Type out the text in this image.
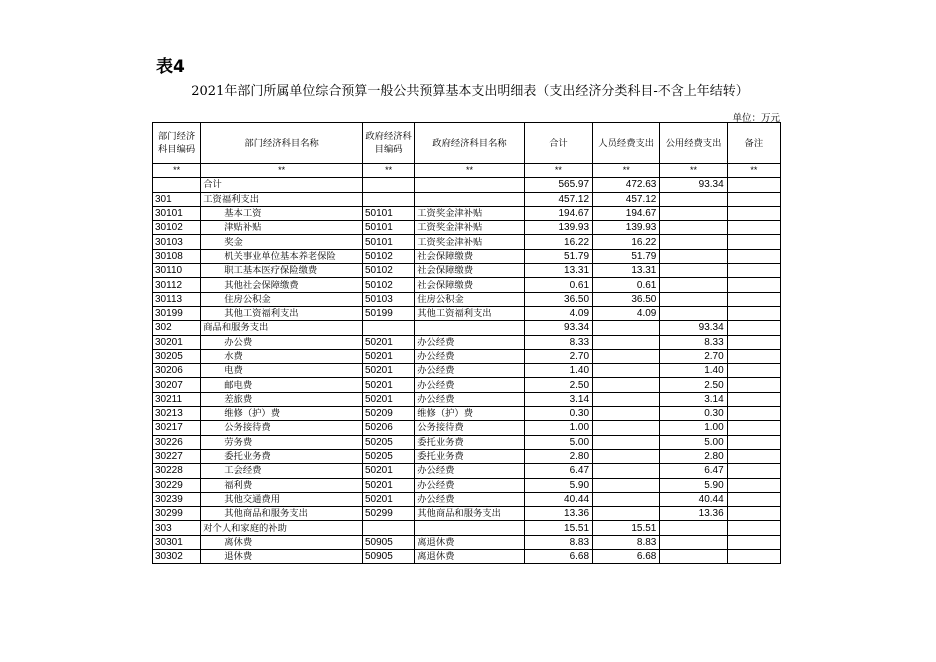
表4
2021年部门所属单位综合预算一般公共预算基本支出明细表（支出经济分类科目-不含上年结转）
单位：万元
部门经济科目编码	部门经济科目名称	政府经济科目编码	政府经济科目名称	合计	人员经费支出	公用经费支出	备注
**	**	**	**	**	**	**	**
	合计			565.97	472.63	93.34	
301	工资福利支出			457.12	457.12		
30101	基本工资	50101	工资奖金津补贴	194.67	194.67		
30102	津贴补贴	50101	工资奖金津补贴	139.93	139.93		
30103	奖金	50101	工资奖金津补贴	16.22	16.22		
30108	机关事业单位基本养老保险	50102	社会保障缴费	51.79	51.79		
30110	职工基本医疗保险缴费	50102	社会保障缴费	13.31	13.31		
30112	其他社会保障缴费	50102	社会保障缴费	0.61	0.61		
30113	住房公积金	50103	住房公积金	36.50	36.50		
30199	其他工资福利支出	50199	其他工资福利支出	4.09	4.09		
302	商品和服务支出			93.34		93.34	
30201	办公费	50201	办公经费	8.33		8.33	
30205	水费	50201	办公经费	2.70		2.70	
30206	电费	50201	办公经费	1.40		1.40	
30207	邮电费	50201	办公经费	2.50		2.50	
30211	差旅费	50201	办公经费	3.14		3.14	
30213	维修（护）费	50209	维修（护）费	0.30		0.30	
30217	公务接待费	50206	公务接待费	1.00		1.00	
30226	劳务费	50205	委托业务费	5.00		5.00	
30227	委托业务费	50205	委托业务费	2.80		2.80	
30228	工会经费	50201	办公经费	6.47		6.47	
30229	福利费	50201	办公经费	5.90		5.90	
30239	其他交通费用	50201	办公经费	40.44		40.44	
30299	其他商品和服务支出	50299	其他商品和服务支出	13.36		13.36	
303	对个人和家庭的补助			15.51	15.51		
30301	离休费	50905	离退休费	8.83	8.83		
30302	退休费	50905	离退休费	6.68	6.68		
